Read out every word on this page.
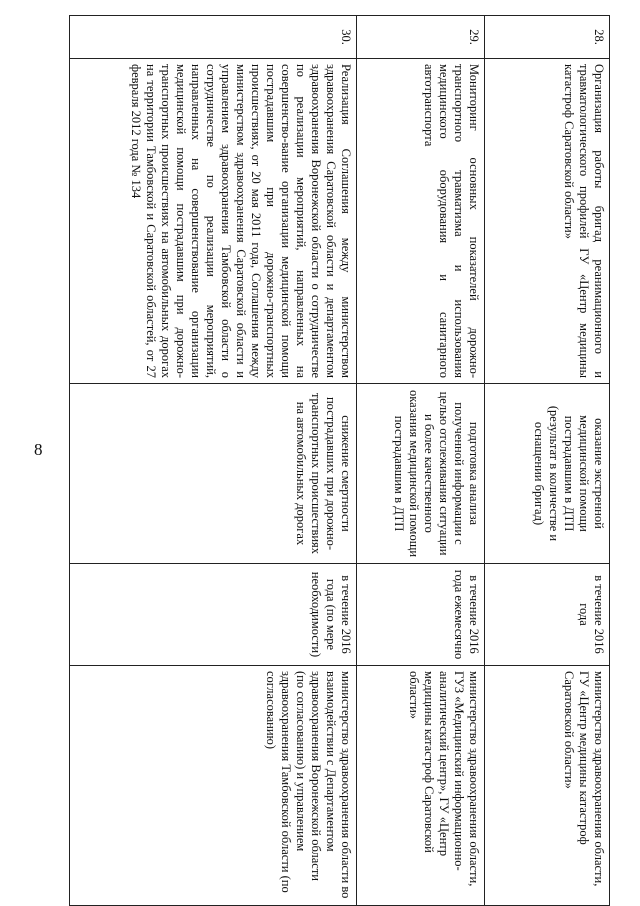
8
28.	Организация работы бригад реанимационного и травматологического профилей ГУ «Центр медицины катастроф Саратовской области»	оказание экстренной медицинской помощи пострадавшим в ДТП (результат в количестве и оснащении бригад)	в течение 2016 года	министерство здравоохранения области, ГУ «Центр медицины катастроф Саратовской области»
29.	Мониторинг основных показателей дорожно-транспортного травматизма и использования медицинского оборудования и санитарного автотранспорта	подготовка анализа полученной информации с целью отслеживания ситуации и более качественного оказания медицинской помощи пострадавшим в ДТП	в течение 2016 года ежемесячно	министерство здравоохранения области, ГУЗ «Медицинский информационно-аналитический центр», ГУ «Центр медицины катастроф Саратовской области»
30.	Реализация Соглашения между министерством здравоохранения Саратовской области и департаментом здравоохранения Воронежской области о сотрудничестве по реализации мероприятий, направленных на совершенство-вание организации медицинской помощи пострадавшим при дорожно-транспортных происшествиях, от 20 мая 2011 года, Соглашения между министерством здравоохранения Саратовской области и управлением здравоохранения Тамбовской области о сотрудничестве по реализации мероприятий, направленных на совершенствование организации медицинской помощи пострадавшим при дорожно-транспортных происшествиях на автомобильных дорогах на территории Тамбовской и Саратовской областей, от 27 февраля 2012 года № 134	снижение смертности пострадавших при дорожно-транспортных происшествиях на автомобильных дорогах	в течение 2016 года (по мере необходимости)	министерство здравоохранения области во взаимодействии с Департаментом здравоохранения Воронежской области (по согласованию) и управлением здравоохранения Тамбовской области (по согласованию)
